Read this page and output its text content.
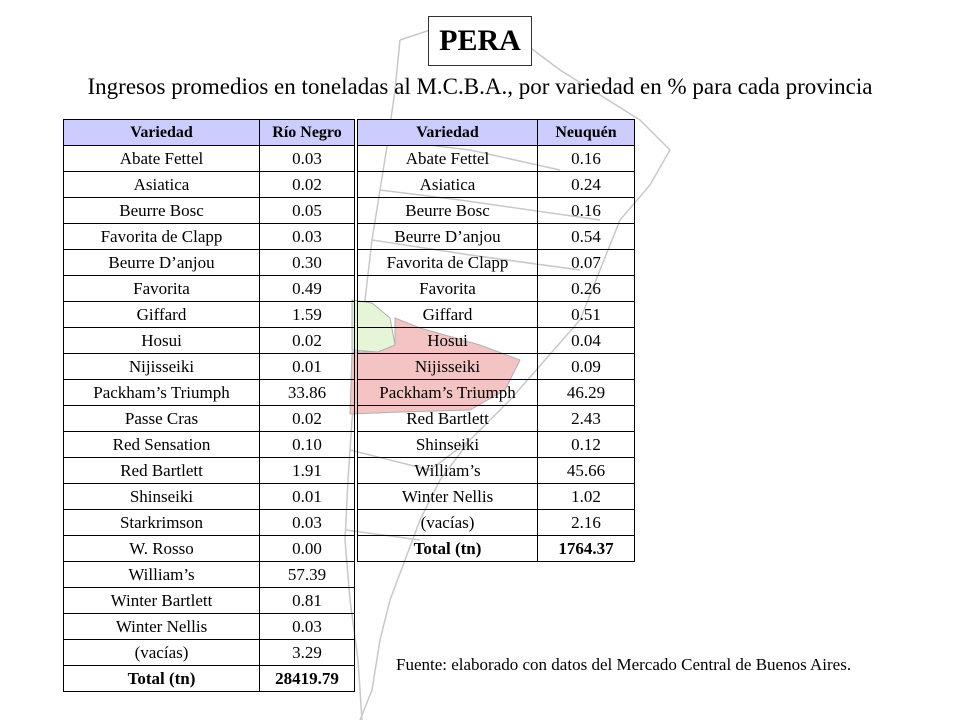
PERA
Ingresos promedios en toneladas al M.C.B.A., por variedad en % para cada provincia
Variedad	Río Negro
Abate Fettel	0.03
Asiatica	0.02
Beurre Bosc	0.05
Favorita de Clapp	0.03
Beurre D’anjou	0.30
Favorita	0.49
Giffard	1.59
Hosui	0.02
Nijisseiki	0.01
Packham’s Triumph	33.86
Passe Cras	0.02
Red Sensation	0.10
Red Bartlett	1.91
Shinseiki	0.01
Starkrimson	0.03
W. Rosso	0.00
William’s	57.39
Winter Bartlett	0.81
Winter Nellis	0.03
(vacías)	3.29
Total (tn)	28419.79
Variedad	Neuquén
Abate Fettel	0.16
Asiatica	0.24
Beurre Bosc	0.16
Beurre D’anjou	0.54
Favorita de Clapp	0.07
Favorita	0.26
Giffard	0.51
Hosui	0.04
Nijisseiki	0.09
Packham’s Triumph	46.29
Red Bartlett	2.43
Shinseiki	0.12
William’s	45.66
Winter Nellis	1.02
(vacías)	2.16
Total (tn)	1764.37
Fuente: elaborado con datos del Mercado Central de Buenos Aires.
